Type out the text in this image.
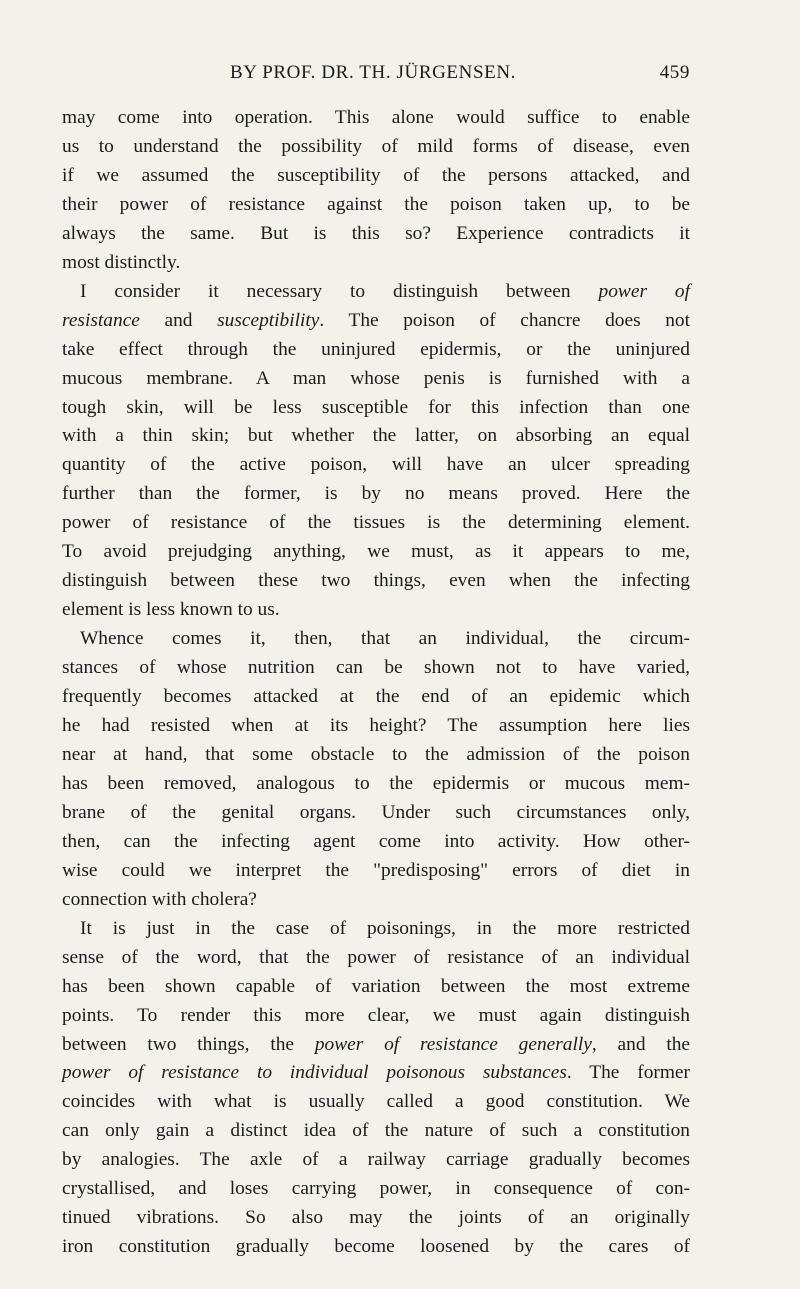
BY PROF. DR. TH. JÜRGENSEN.	459
may come into operation. This alone would suffice to enable
us to understand the possibility of mild forms of disease, even
if we assumed the susceptibility of the persons attacked, and
their power of resistance against the poison taken up, to be
always the same. But is this so? Experience contradicts it
most distinctly.
I consider it necessary to distinguish between power of
resistance and susceptibility. The poison of chancre does not
take effect through the uninjured epidermis, or the uninjured
mucous membrane. A man whose penis is furnished with a
tough skin, will be less susceptible for this infection than one
with a thin skin; but whether the latter, on absorbing an equal
quantity of the active poison, will have an ulcer spreading
further than the former, is by no means proved. Here the
power of resistance of the tissues is the determining element.
To avoid prejudging anything, we must, as it appears to me,
distinguish between these two things, even when the infecting
element is less known to us.
Whence comes it, then, that an individual, the circum-
stances of whose nutrition can be shown not to have varied,
frequently becomes attacked at the end of an epidemic which
he had resisted when at its height? The assumption here lies
near at hand, that some obstacle to the admission of the poison
has been removed, analogous to the epidermis or mucous mem-
brane of the genital organs. Under such circumstances only,
then, can the infecting agent come into activity. How other-
wise could we interpret the "predisposing" errors of diet in
connection with cholera?
It is just in the case of poisonings, in the more restricted
sense of the word, that the power of resistance of an individual
has been shown capable of variation between the most extreme
points. To render this more clear, we must again distinguish
between two things, the power of resistance generally, and the
power of resistance to individual poisonous substances. The former
coincides with what is usually called a good constitution. We
can only gain a distinct idea of the nature of such a constitution
by analogies. The axle of a railway carriage gradually becomes
crystallised, and loses carrying power, in consequence of con-
tinued vibrations. So also may the joints of an originally
iron constitution gradually become loosened by the cares of
